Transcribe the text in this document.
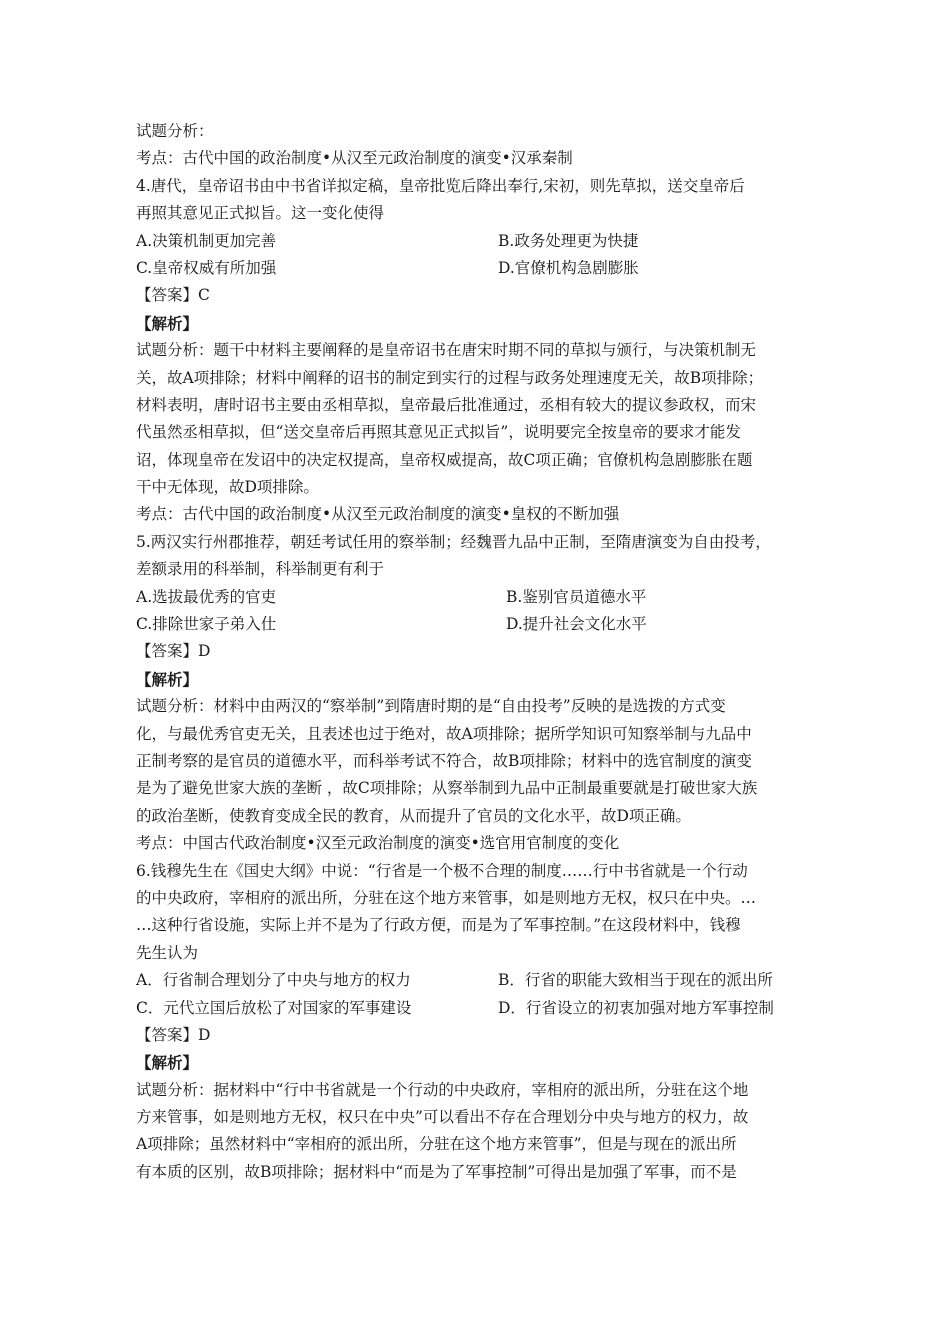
试题分析：
考点：古代中国的政治制度•从汉至元政治制度的演变•汉承秦制
4.唐代，皇帝诏书由中书省详拟定稿，皇帝批览后降出奉行,宋初，则先草拟，送交皇帝后
再照其意见正式拟旨。这一变化使得
A.决策机制更加完善	B.政务处理更为快捷
C.皇帝权威有所加强	D.官僚机构急剧膨胀
【答案】C
【解析】
试题分析：题干中材料主要阐释的是皇帝诏书在唐宋时期不同的草拟与颁行，与决策机制无
关，故A项排除；材料中阐释的诏书的制定到实行的过程与政务处理速度无关，故B项排除；
材料表明，唐时诏书主要由丞相草拟，皇帝最后批准通过，丞相有较大的提议参政权，而宋
代虽然丞相草拟，但“送交皇帝后再照其意见正式拟旨”，说明要完全按皇帝的要求才能发
诏，体现皇帝在发诏中的决定权提高，皇帝权威提高，故C项正确；官僚机构急剧膨胀在题
干中无体现，故D项排除。
考点：古代中国的政治制度•从汉至元政治制度的演变•皇权的不断加强
5.两汉实行州郡推荐，朝廷考试任用的察举制；经魏晋九品中正制，至隋唐演变为自由投考，
差额录用的科举制，科举制更有利于
A.选拔最优秀的官吏	B.鉴别官员道德水平
C.排除世家子弟入仕	D.提升社会文化水平
【答案】D
【解析】
试题分析：材料中由两汉的“察举制”到隋唐时期的是“自由投考”反映的是选拨的方式变
化，与最优秀官吏无关，且表述也过于绝对，故A项排除；据所学知识可知察举制与九品中
正制考察的是官员的道德水平，而科举考试不符合，故B项排除；材料中的选官制度的演变
是为了避免世家大族的垄断 ，故C项排除；从察举制到九品中正制最重要就是打破世家大族
的政治垄断，使教育变成全民的教育，从而提升了官员的文化水平，故D项正确。
考点：中国古代政治制度•汉至元政治制度的演变•选官用官制度的变化
6.钱穆先生在《国史大纲》中说：“行省是一个极不合理的制度……行中书省就是一个行动
的中央政府，宰相府的派出所，分驻在这个地方来管事，如是则地方无权，权只在中央。…
…这种行省设施，实际上并不是为了行政方便，而是为了军事控制。”在这段材料中，钱穆
先生认为
A．行省制合理划分了中央与地方的权力	B．行省的职能大致相当于现在的派出所
C．元代立国后放松了对国家的军事建设	D．行省设立的初衷加强对地方军事控制
【答案】D
【解析】
试题分析：据材料中“行中书省就是一个行动的中央政府，宰相府的派出所，分驻在这个地
方来管事，如是则地方无权，权只在中央”可以看出不存在合理划分中央与地方的权力，故
A项排除；虽然材料中“宰相府的派出所，分驻在这个地方来管事”，但是与现在的派出所
有本质的区别，故B项排除；据材料中“而是为了军事控制”可得出是加强了军事，而不是
